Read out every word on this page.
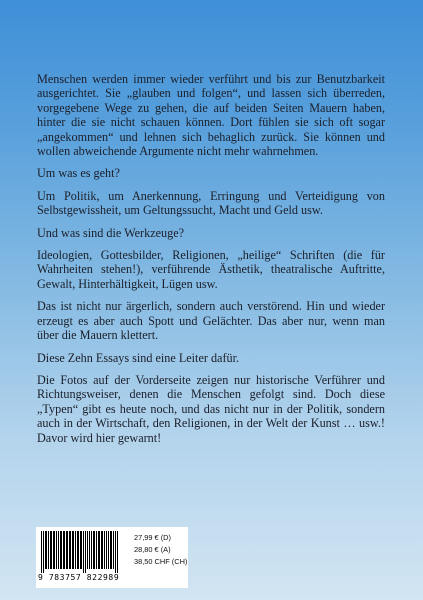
Menschen werden immer wieder verführt und bis zur Benutzbarkeit ausgerichtet. Sie „glauben und folgen“, und lassen sich überreden, vorgegebene Wege zu gehen, die auf beiden Seiten Mauern haben, hinter die sie nicht schauen können. Dort fühlen sie sich oft sogar „angekommen“ und lehnen sich behaglich zurück. Sie können und wollen abweichende Argumente nicht mehr wahrnehmen.

Um was es geht?

Um Politik, um Anerkennung, Erringung und Verteidigung von Selbstgewissheit, um Geltungssucht, Macht und Geld usw.

Und was sind die Werkzeuge?

Ideologien, Gottesbilder, Religionen, „heilige“ Schriften (die für Wahrheiten stehen!), verführende Ästhetik, theatralische Auftritte, Gewalt, Hinterhältigkeit, Lügen usw.

Das ist nicht nur ärgerlich, sondern auch verstörend. Hin und wieder erzeugt es aber auch Spott und Gelächter. Das aber nur, wenn man über die Mauern klettert.

Diese Zehn Essays sind eine Leiter dafür.

Die Fotos auf der Vorderseite zeigen nur historische Verführer und Richtungsweiser, denen die Menschen gefolgt sind. Doch diese „Typen“ gibt es heute noch, und das nicht nur in der Politik, sondern auch in der Wirtschaft, den Religionen, in der Welt der Kunst … usw.! Davor wird hier gewarnt!

9 783757 822989
27,99 € (D)
28,80 € (A)
38,50 CHF (CH)
